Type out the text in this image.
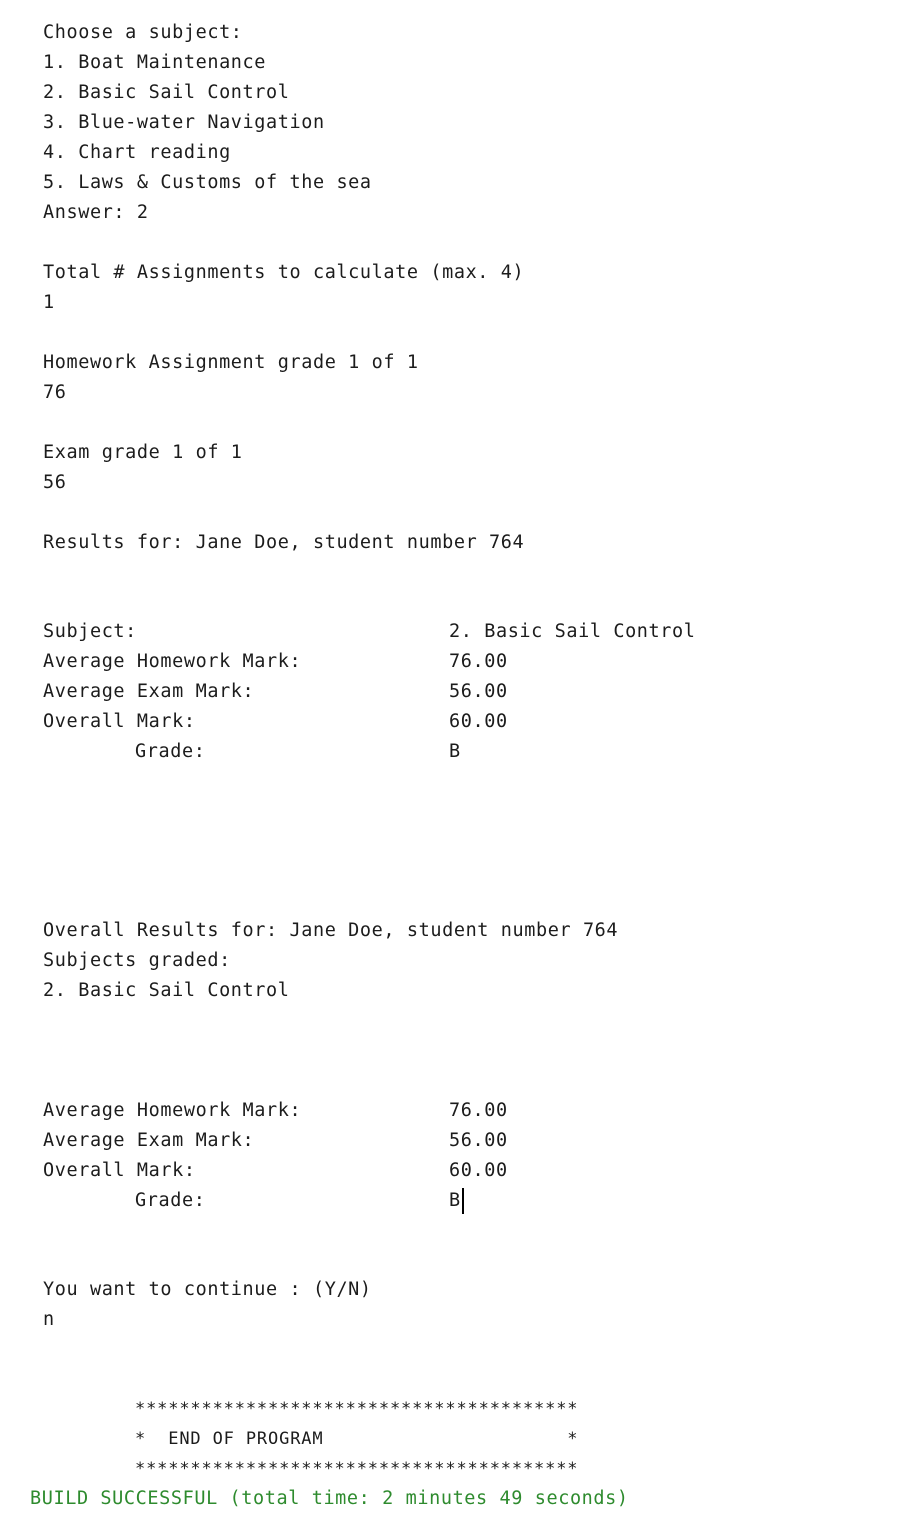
Choose a subject:

1. Boat Maintenance

2. Basic Sail Control

3. Blue-water Navigation

4. Chart reading

5. Laws & Customs of the sea

Answer: 2

Total # Assignments to calculate (max. 4)

1

Homework Assignment grade 1 of 1

76

Exam grade 1 of 1

56

Results for: Jane Doe, student number 764

Subject:

	2. Basic Sail Control

Average Homework Mark:

	76.00

Average Exam Mark:

	56.00

Overall Mark:

	60.00

Grade:

	B

Overall Results for: Jane Doe, student number 764

Subjects graded:

2. Basic Sail Control

Average Homework Mark:

	76.00

Average Exam Mark:

	56.00

Overall Mark:

	60.00

Grade:

	B

You want to continue : (Y/N)

n

****************************************

*  END OF PROGRAM                      *

****************************************

BUILD SUCCESSFUL (total time: 2 minutes 49 seconds)
